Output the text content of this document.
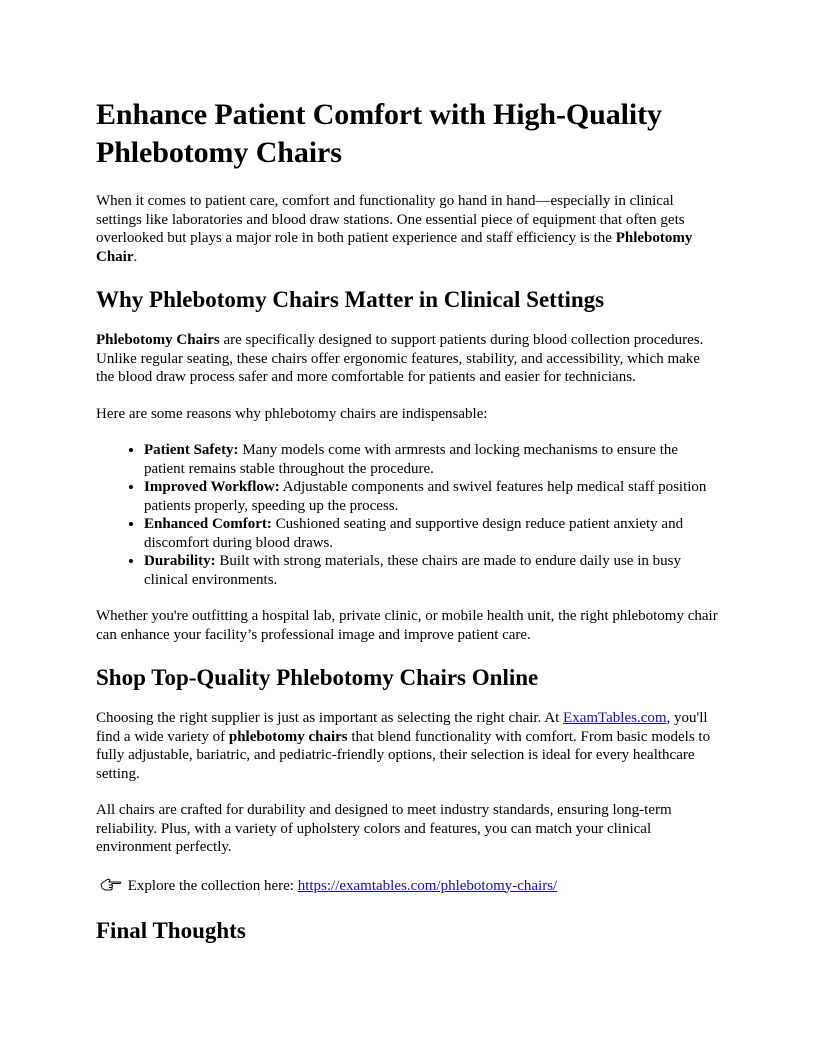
Enhance Patient Comfort with High-Quality Phlebotomy Chairs

When it comes to patient care, comfort and functionality go hand in hand—especially in clinical settings like laboratories and blood draw stations. One essential piece of equipment that often gets overlooked but plays a major role in both patient experience and staff efficiency is the Phlebotomy Chair.

Why Phlebotomy Chairs Matter in Clinical Settings

Phlebotomy Chairs are specifically designed to support patients during blood collection procedures. Unlike regular seating, these chairs offer ergonomic features, stability, and accessibility, which make the blood draw process safer and more comfortable for patients and easier for technicians.

Here are some reasons why phlebotomy chairs are indispensable:

• Patient Safety: Many models come with armrests and locking mechanisms to ensure the patient remains stable throughout the procedure.
• Improved Workflow: Adjustable components and swivel features help medical staff position patients properly, speeding up the process.
• Enhanced Comfort: Cushioned seating and supportive design reduce patient anxiety and discomfort during blood draws.
• Durability: Built with strong materials, these chairs are made to endure daily use in busy clinical environments.

Whether you're outfitting a hospital lab, private clinic, or mobile health unit, the right phlebotomy chair can enhance your facility’s professional image and improve patient care.

Shop Top-Quality Phlebotomy Chairs Online

Choosing the right supplier is just as important as selecting the right chair. At ExamTables.com, you'll find a wide variety of phlebotomy chairs that blend functionality with comfort. From basic models to fully adjustable, bariatric, and pediatric-friendly options, their selection is ideal for every healthcare setting.

All chairs are crafted for durability and designed to meet industry standards, ensuring long-term reliability. Plus, with a variety of upholstery colors and features, you can match your clinical environment perfectly.

Explore the collection here: https://examtables.com/phlebotomy-chairs/

Final Thoughts
